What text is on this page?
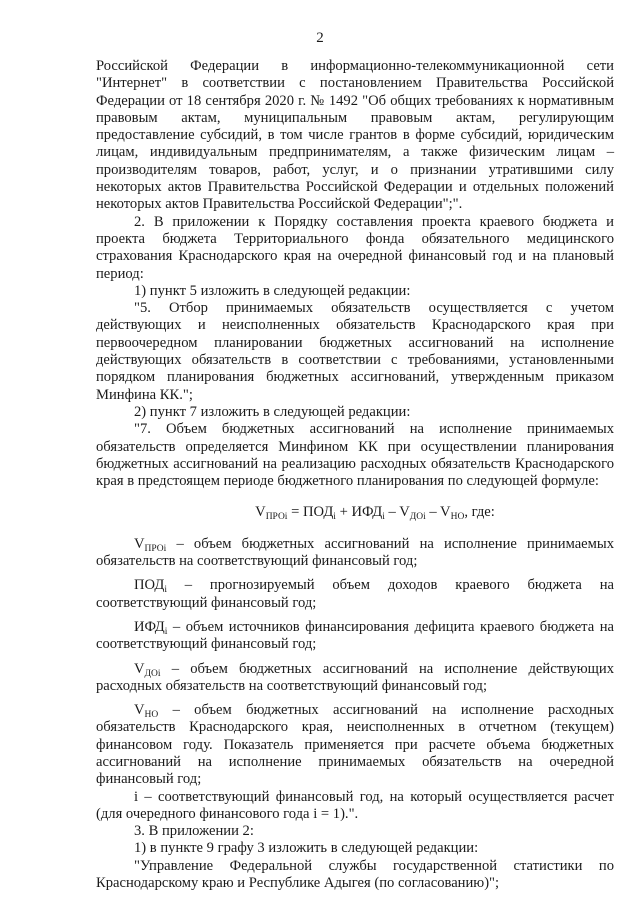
2

Российской Федерации в информационно-телекоммуникационной сети "Интернет" в соответствии с постановлением Правительства Российской Федерации от 18 сентября 2020 г. № 1492 "Об общих требованиях к нормативным правовым актам, муниципальным правовым актам, регулирующим предоставление субсидий, в том числе грантов в форме субсидий, юридическим лицам, индивидуальным предпринимателям, а также физическим лицам – производителям товаров, работ, услуг, и о признании утратившими силу некоторых актов Правительства Российской Федерации и отдельных положений некоторых актов Правительства Российской Федерации";".

2. В приложении к Порядку составления проекта краевого бюджета и проекта бюджета Территориального фонда обязательного медицинского страхования Краснодарского края на очередной финансовый год и на плановый период:

1) пункт 5 изложить в следующей редакции:

"5. Отбор принимаемых обязательств осуществляется с учетом действующих и неисполненных обязательств Краснодарского края при первоочередном планировании бюджетных ассигнований на исполнение действующих обязательств в соответствии с требованиями, установленными порядком планирования бюджетных ассигнований, утвержденным приказом Минфина КК.";

2) пункт 7 изложить в следующей редакции:

"7. Объем бюджетных ассигнований на исполнение принимаемых обязательств определяется Минфином КК при осуществлении планирования бюджетных ассигнований на реализацию расходных обязательств Краснодарского края в предстоящем периоде бюджетного планирования по следующей формуле:

$V_{ПРОi} = ПОД_i + ИФД_i - V_{ДОi} - V_{НО}$, где:

$V_{ПРОi}$ – объем бюджетных ассигнований на исполнение принимаемых обязательств на соответствующий финансовый год;

$ПОД_i$ – прогнозируемый объем доходов краевого бюджета на соответствующий финансовый год;

$ИФД_i$ – объем источников финансирования дефицита краевого бюджета на соответствующий финансовый год;

$V_{ДОi}$ – объем бюджетных ассигнований на исполнение действующих расходных обязательств на соответствующий финансовый год;

$V_{НО}$ – объем бюджетных ассигнований на исполнение расходных обязательств Краснодарского края, неисполненных в отчетном (текущем) финансовом году. Показатель применяется при расчете объема бюджетных ассигнований на исполнение принимаемых обязательств на очередной финансовый год;

i – соответствующий финансовый год, на который осуществляется расчет (для очередного финансового года i = 1).".

3. В приложении 2:

1) в пункте 9 графу 3 изложить в следующей редакции:

"Управление Федеральной службы государственной статистики по Краснодарскому краю и Республике Адыгея (по согласованию)";
